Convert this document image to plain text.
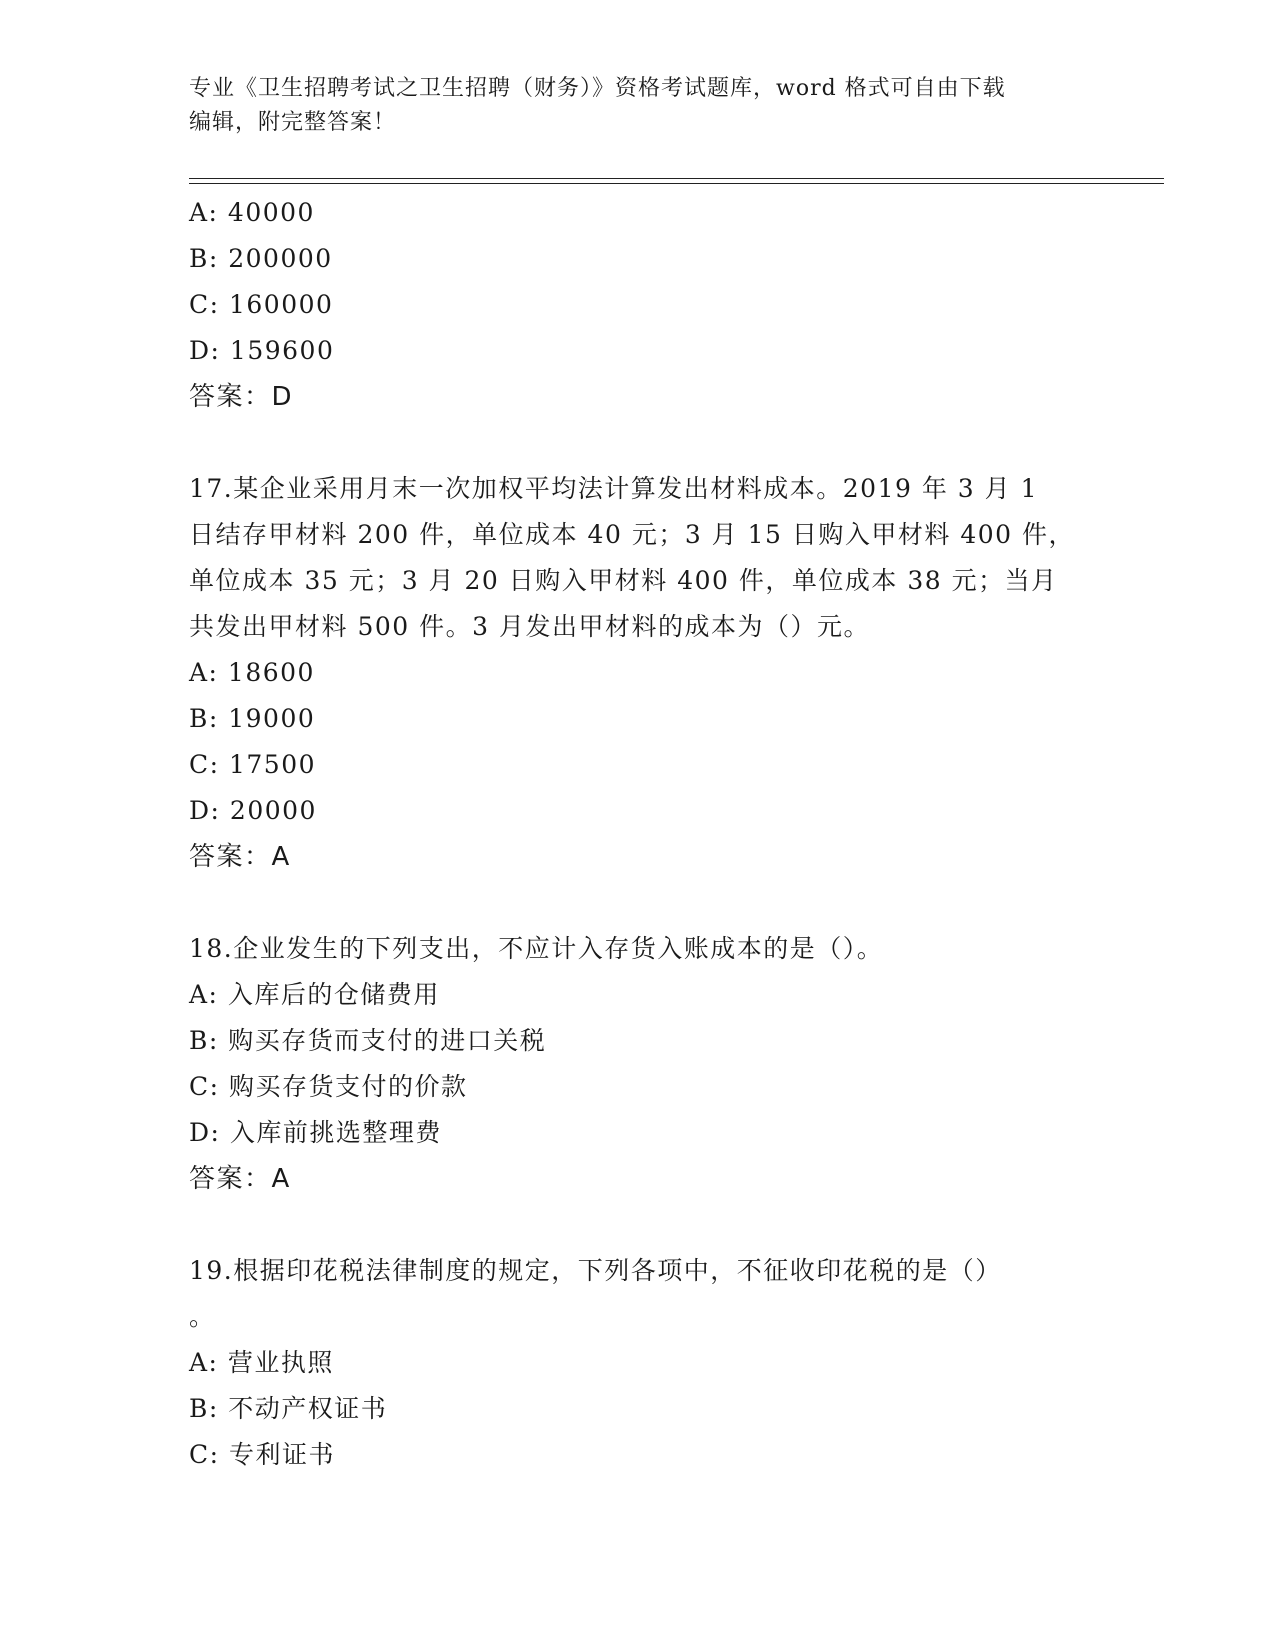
专业《卫生招聘考试之卫生招聘（财务）》资格考试题库，word 格式可自由下载
编辑，附完整答案！
A: 40000
B: 200000
C: 160000
D: 159600
答案：D
17.某企业采用月末一次加权平均法计算发出材料成本。2019 年 3 月 1
日结存甲材料 200 件，单位成本 40 元；3 月 15 日购入甲材料 400 件，
单位成本 35 元；3 月 20 日购入甲材料 400 件，单位成本 38 元；当月
共发出甲材料 500 件。3 月发出甲材料的成本为（）元。
A: 18600
B: 19000
C: 17500
D: 20000
答案：A
18.企业发生的下列支出，不应计入存货入账成本的是（）。
A: 入库后的仓储费用
B: 购买存货而支付的进口关税
C: 购买存货支付的价款
D: 入库前挑选整理费
答案：A
19.根据印花税法律制度的规定，下列各项中，不征收印花税的是（）
。
A: 营业执照
B: 不动产权证书
C: 专利证书
